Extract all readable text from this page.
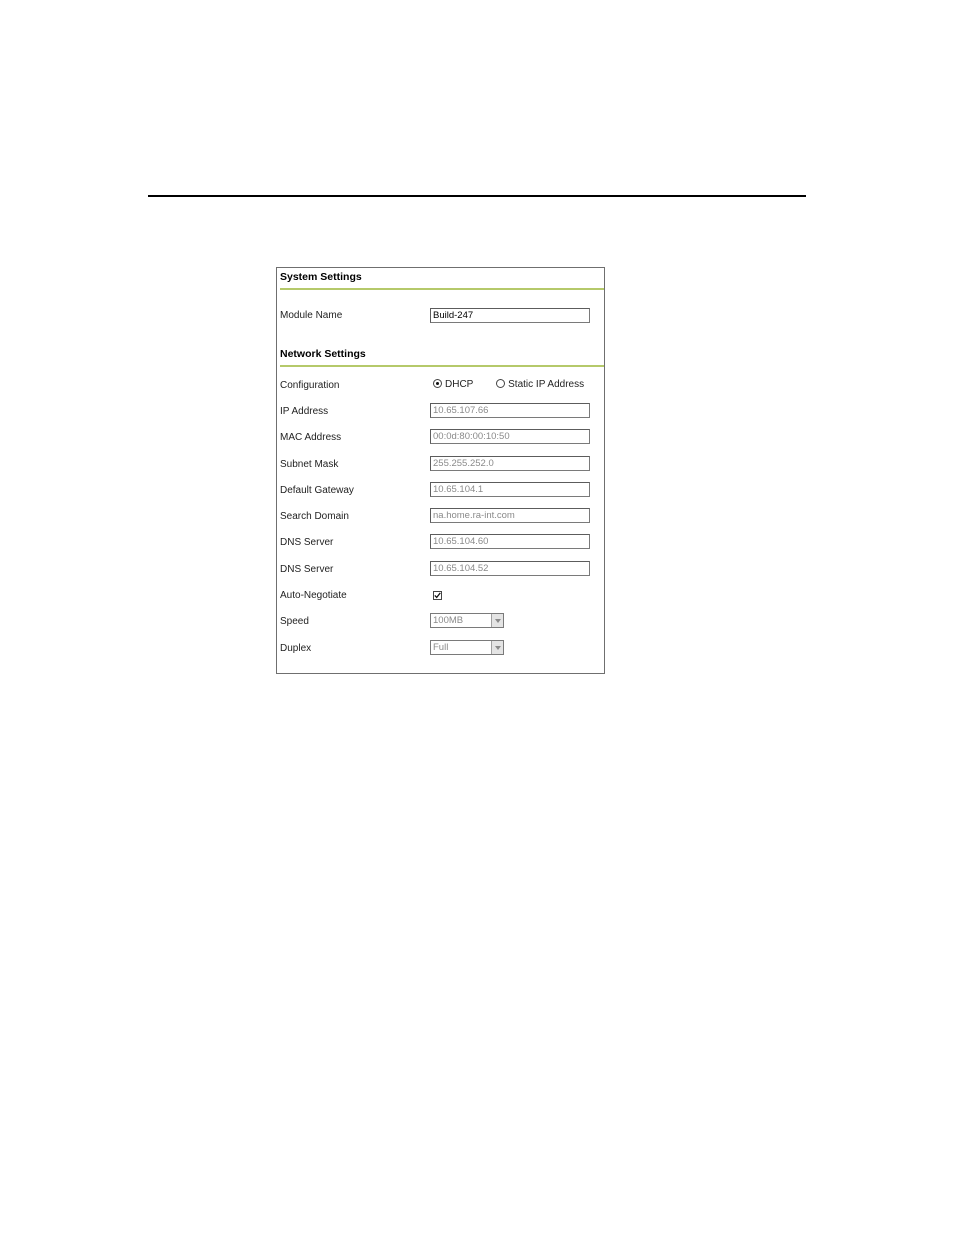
System Settings
Module Name	Build-247
Network Settings
Configuration	DHCP	Static IP Address
IP Address	10.65.107.66
MAC Address	00:0d:80:00:10:50
Subnet Mask	255.255.252.0
Default Gateway	10.65.104.1
Search Domain	na.home.ra-int.com
DNS Server	10.65.104.60
DNS Server	10.65.104.52
Auto-Negotiate
Speed	100MB
Duplex	Full
